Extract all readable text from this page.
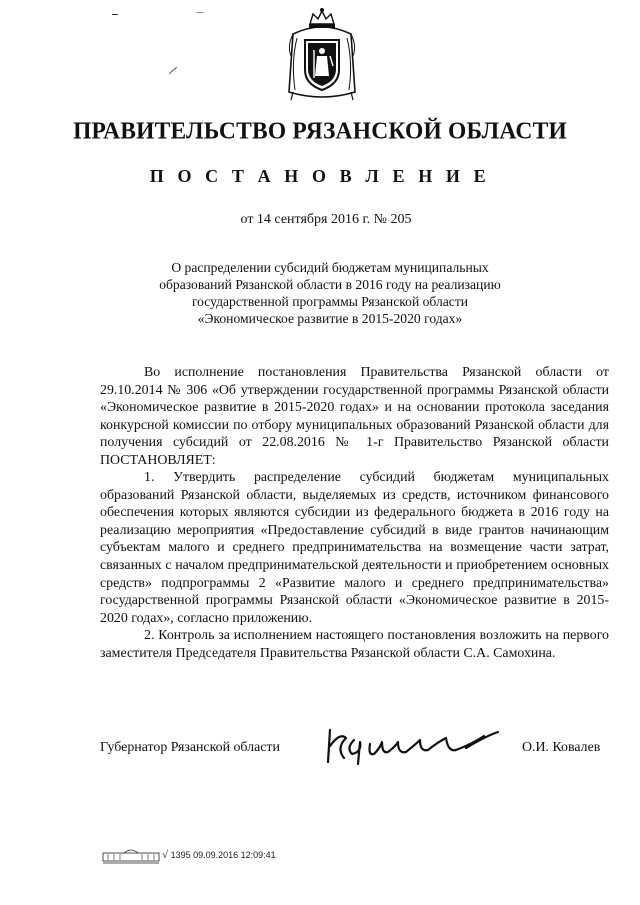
ПРАВИТЕЛЬСТВО РЯЗАНСКОЙ ОБЛАСТИ
П О С Т А Н О В Л Е Н И Е
от 14 сентября 2016 г. № 205
О распределении субсидий бюджетам муниципальных
образований Рязанской области в 2016 году на реализацию
государственной программы Рязанской области
«Экономическое развитие в 2015-2020 годах»

Во исполнение постановления Правительства Рязанской области от 29.10.2014 № 306 «Об утверждении государственной программы Рязанской области «Экономическое развитие в 2015-2020 годах» и на основании протокола заседания конкурсной комиссии по отбору муниципальных образований Рязанской области для получения субсидий от 22.08.2016 № 1-г Правительство Рязанской области ПОСТАНОВЛЯЕТ:

1. Утвердить распределение субсидий бюджетам муниципальных образований Рязанской области, выделяемых из средств, источником финансового обеспечения которых являются субсидии из федерального бюджета в 2016 году на реализацию мероприятия «Предоставление субсидий в виде грантов начинающим субъектам малого и среднего предпринимательства на возмещение части затрат, связанных с началом предпринимательской деятельности и приобретением основных средств» подпрограммы 2 «Развитие малого и среднего предпринимательства» государственной программы Рязанской области «Экономическое развитие в 2015-2020 годах», согласно приложению.

2. Контроль за исполнением настоящего постановления возложить на первого заместителя Председателя Правительства Рязанской области С.А. Самохина.

Губернатор Рязанской области	О.И. Ковалев
√ 1395 09.09.2016 12:09:41
